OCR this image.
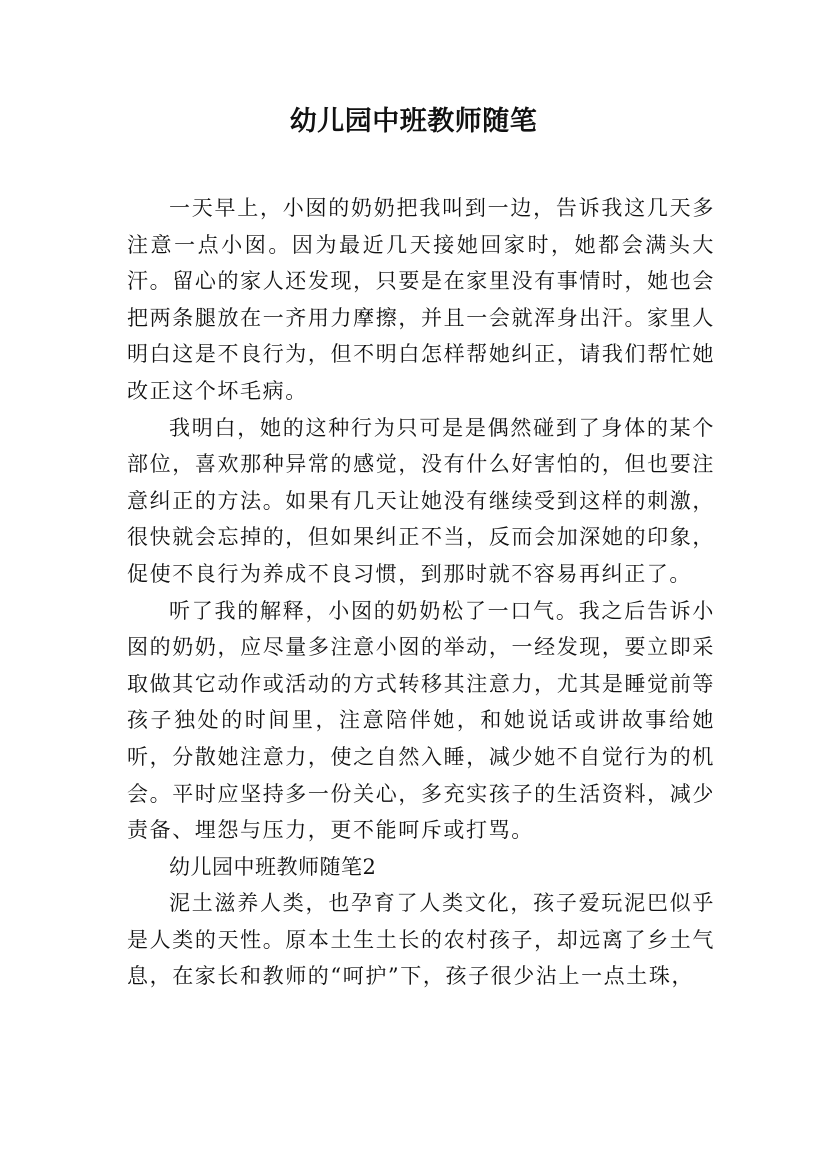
幼儿园中班教师随笔

一天早上，小囡的奶奶把我叫到一边，告诉我这几天多注意一点小囡。因为最近几天接她回家时，她都会满头大汗。留心的家人还发现，只要是在家里没有事情时，她也会把两条腿放在一齐用力摩擦，并且一会就浑身出汗。家里人明白这是不良行为，但不明白怎样帮她纠正，请我们帮忙她改正这个坏毛病。

我明白，她的这种行为只可是是偶然碰到了身体的某个部位，喜欢那种异常的感觉，没有什么好害怕的，但也要注意纠正的方法。如果有几天让她没有继续受到这样的刺激，很快就会忘掉的，但如果纠正不当，反而会加深她的印象，促使不良行为养成不良习惯，到那时就不容易再纠正了。

听了我的解释，小囡的奶奶松了一口气。我之后告诉小囡的奶奶，应尽量多注意小囡的举动，一经发现，要立即采取做其它动作或活动的方式转移其注意力，尤其是睡觉前等孩子独处的时间里，注意陪伴她，和她说话或讲故事给她听，分散她注意力，使之自然入睡，减少她不自觉行为的机会。平时应坚持多一份关心，多充实孩子的生活资料，减少责备、埋怨与压力，更不能呵斥或打骂。

幼儿园中班教师随笔2

泥土滋养人类，也孕育了人类文化，孩子爱玩泥巴似乎是人类的天性。原本土生土长的农村孩子，却远离了乡土气息，在家长和教师的“呵护”下，孩子很少沾上一点土珠，
